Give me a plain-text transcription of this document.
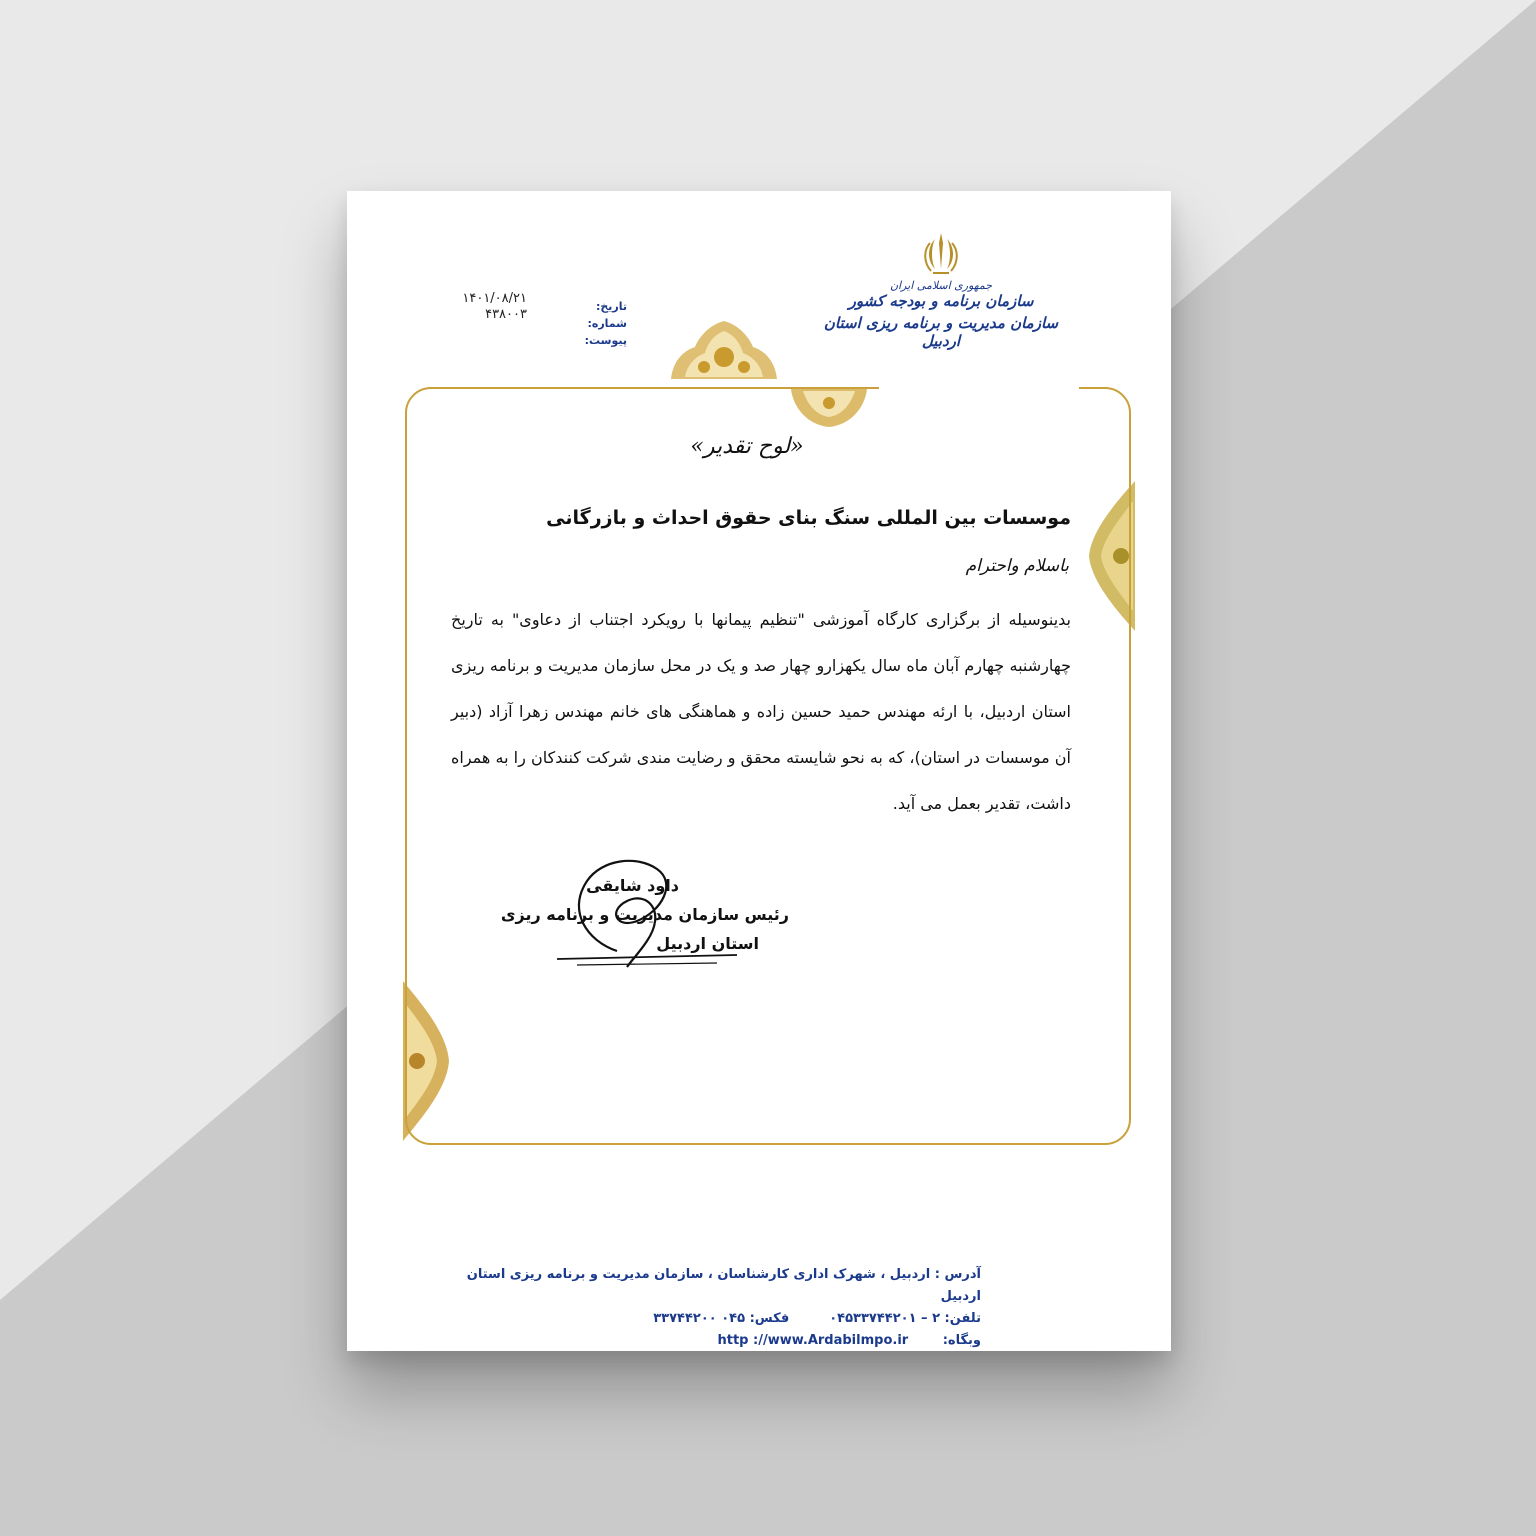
جمهوری اسلامی ایران
سازمان برنامه و بودجه کشور
سازمان مدیریت و برنامه ریزی استان اردبیل
تاریخ:
شماره:
پیوست:
۱۴۰۱/۰۸/۲۱
۴۳۸۰۰۳
«لوح تقدیر»
موسسات بین المللی سنگ بنای حقوق احداث و بازرگانی
باسلام واحترام
بدینوسیله از برگزاری کارگاه آموزشی "تنظیم پیمانها با رویکرد اجتناب از دعاوی" به تاریخ چهارشنبه چهارم آبان ماه سال یکهزارو چهار صد و یک در محل سازمان مدیریت و برنامه ریزی استان اردبیل، با ارئه مهندس حمید حسین زاده و هماهنگی های خانم مهندس زهرا آزاد (دبیر آن موسسات در استان)، که به نحو شایسته محقق و رضایت مندی شرکت کنندکان را به همراه داشت، تقدیر بعمل می آید.
داود شایقی
رئیس سازمان مدیریت و برنامه ریزی
استان اردبیل
آدرس : اردبیل ، شهرک اداری کارشناسان ، سازمان مدیریت و برنامه ریزی استان اردبیل
تلفن: ۲ – ۰۴۵۳۳۷۴۴۲۰۱
فکس: ۰۴۵ ۳۳۷۴۴۲۰۰
وبگاه: http ://www.Ardabilmpo.ir
